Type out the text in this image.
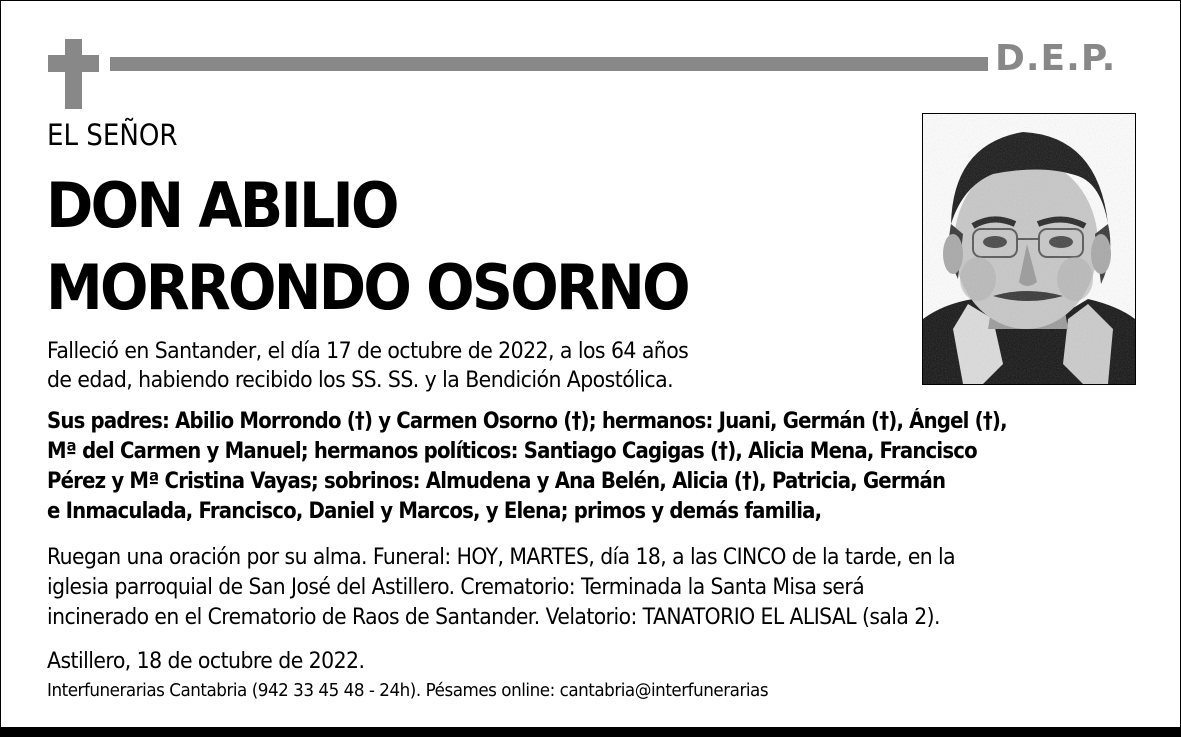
D.E.P.
EL SEÑOR
DON ABILIO
MORRONDO OSORNO
Falleció en Santander, el día 17 de octubre de 2022, a los 64 años
de edad, habiendo recibido los SS. SS. y la Bendición Apostólica.
Sus padres: Abilio Morrondo (†) y Carmen Osorno (†); hermanos: Juani, Germán (†), Ángel (†),
Mª del Carmen y Manuel; hermanos políticos: Santiago Cagigas (†), Alicia Mena, Francisco
Pérez y Mª Cristina Vayas; sobrinos: Almudena y Ana Belén, Alicia (†), Patricia, Germán
e Inmaculada, Francisco, Daniel y Marcos, y Elena; primos y demás familia,
Ruegan una oración por su alma. Funeral: HOY, MARTES, día 18, a las CINCO de la tarde, en la
iglesia parroquial de San José del Astillero. Crematorio: Terminada la Santa Misa será
incinerado en el Crematorio de Raos de Santander. Velatorio: TANATORIO EL ALISAL (sala 2).
Astillero, 18 de octubre de 2022.
Interfunerarias Cantabria (942 33 45 48 - 24h). Pésames online: cantabria@interfunerarias
